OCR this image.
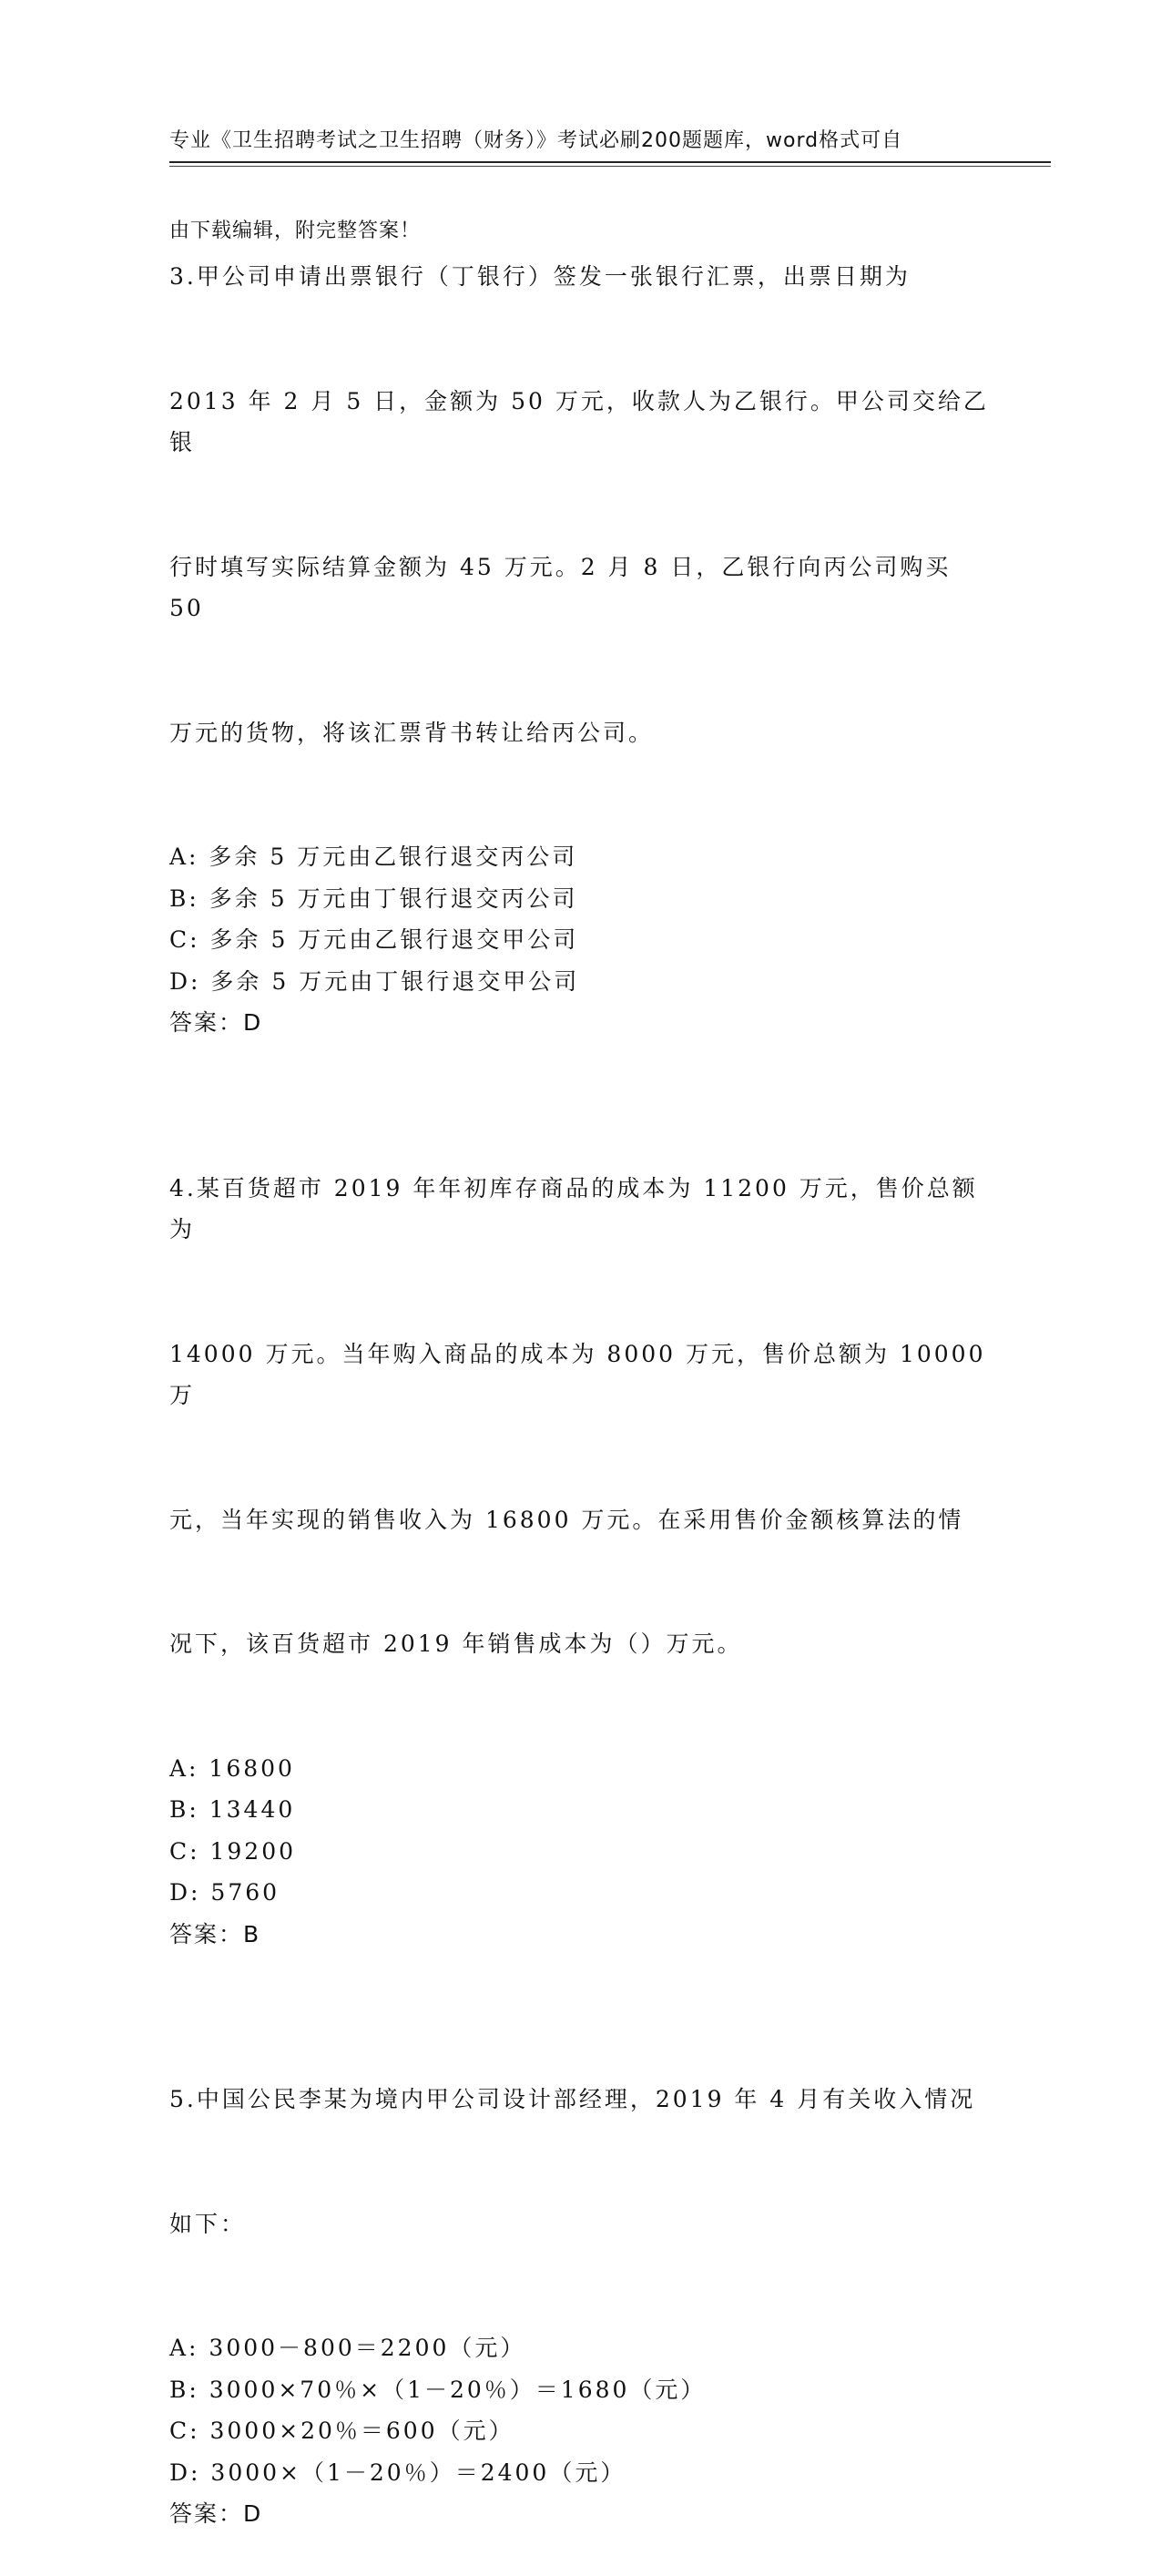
专业《卫生招聘考试之卫生招聘（财务）》考试必刷200题题库，word格式可自

由下载编辑，附完整答案！

3.甲公司申请出票银行（丁银行）签发一张银行汇票，出票日期为

2013 年 2 月 5 日，金额为 50 万元，收款人为乙银行。甲公司交给乙银

行时填写实际结算金额为 45 万元。2 月 8 日，乙银行向丙公司购买 50

万元的货物，将该汇票背书转让给丙公司。

A: 多余 5 万元由乙银行退交丙公司
B: 多余 5 万元由丁银行退交丙公司
C: 多余 5 万元由乙银行退交甲公司
D: 多余 5 万元由丁银行退交甲公司
答案：D

4.某百货超市 2019 年年初库存商品的成本为 11200 万元，售价总额为

14000 万元。当年购入商品的成本为 8000 万元，售价总额为 10000 万

元，当年实现的销售收入为 16800 万元。在采用售价金额核算法的情

况下，该百货超市 2019 年销售成本为（）万元。

A: 16800
B: 13440
C: 19200
D: 5760
答案：B

5.中国公民李某为境内甲公司设计部经理，2019 年 4 月有关收入情况

如下：

A: 3000－800＝2200（元）
B: 3000×70％×（1－20％）＝1680（元）
C: 3000×20％＝600（元）
D: 3000×（1－20％）＝2400（元）
答案：D
